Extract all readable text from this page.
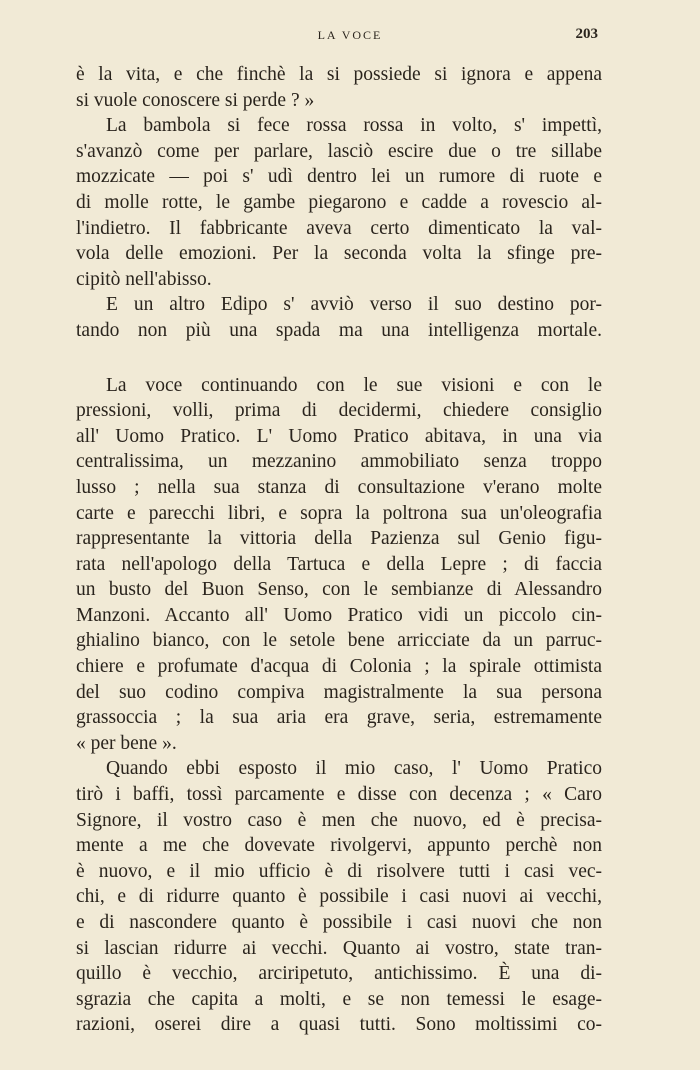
LA VOCE	203
è la vita, e che finchè la si possiede si ignora e appena
si vuole conoscere si perde ? »
La bambola si fece rossa rossa in volto, s' impettì,
s'avanzò come per parlare, lasciò escire due o tre sillabe
mozzicate — poi s' udì dentro lei un rumore di ruote e
di molle rotte, le gambe piegarono e cadde a rovescio al-
l'indietro. Il fabbricante aveva certo dimenticato la val-
vola delle emozioni. Per la seconda volta la sfinge pre-
cipitò nell'abisso.
E un altro Edipo s' avviò verso il suo destino por-
tando non più una spada ma una intelligenza mortale.
La voce continuando con le sue visioni e con le
pressioni, volli, prima di decidermi, chiedere consiglio
all' Uomo Pratico. L' Uomo Pratico abitava, in una via
centralissima, un mezzanino ammobiliato senza troppo
lusso ; nella sua stanza di consultazione v'erano molte
carte e parecchi libri, e sopra la poltrona sua un'oleografia
rappresentante la vittoria della Pazienza sul Genio figu-
rata nell'apologo della Tartuca e della Lepre ; di faccia
un busto del Buon Senso, con le sembianze di Alessandro
Manzoni. Accanto all' Uomo Pratico vidi un piccolo cin-
ghialino bianco, con le setole bene arricciate da un parruc-
chiere e profumate d'acqua di Colonia ; la spirale ottimista
del suo codino compiva magistralmente la sua persona
grassoccia ; la sua aria era grave, seria, estremamente
« per bene ».
Quando ebbi esposto il mio caso, l' Uomo Pratico
tirò i baffi, tossì parcamente e disse con decenza ; « Caro
Signore, il vostro caso è men che nuovo, ed è precisa-
mente a me che dovevate rivolgervi, appunto perchè non
è nuovo, e il mio ufficio è di risolvere tutti i casi vec-
chi, e di ridurre quanto è possibile i casi nuovi ai vecchi,
e di nascondere quanto è possibile i casi nuovi che non
si lascian ridurre ai vecchi. Quanto ai vostro, state tran-
quillo è vecchio, arciripetuto, antichissimo. È una di-
sgrazia che capita a molti, e se non temessi le esage-
razioni, oserei dire a quasi tutti. Sono moltissimi co-
